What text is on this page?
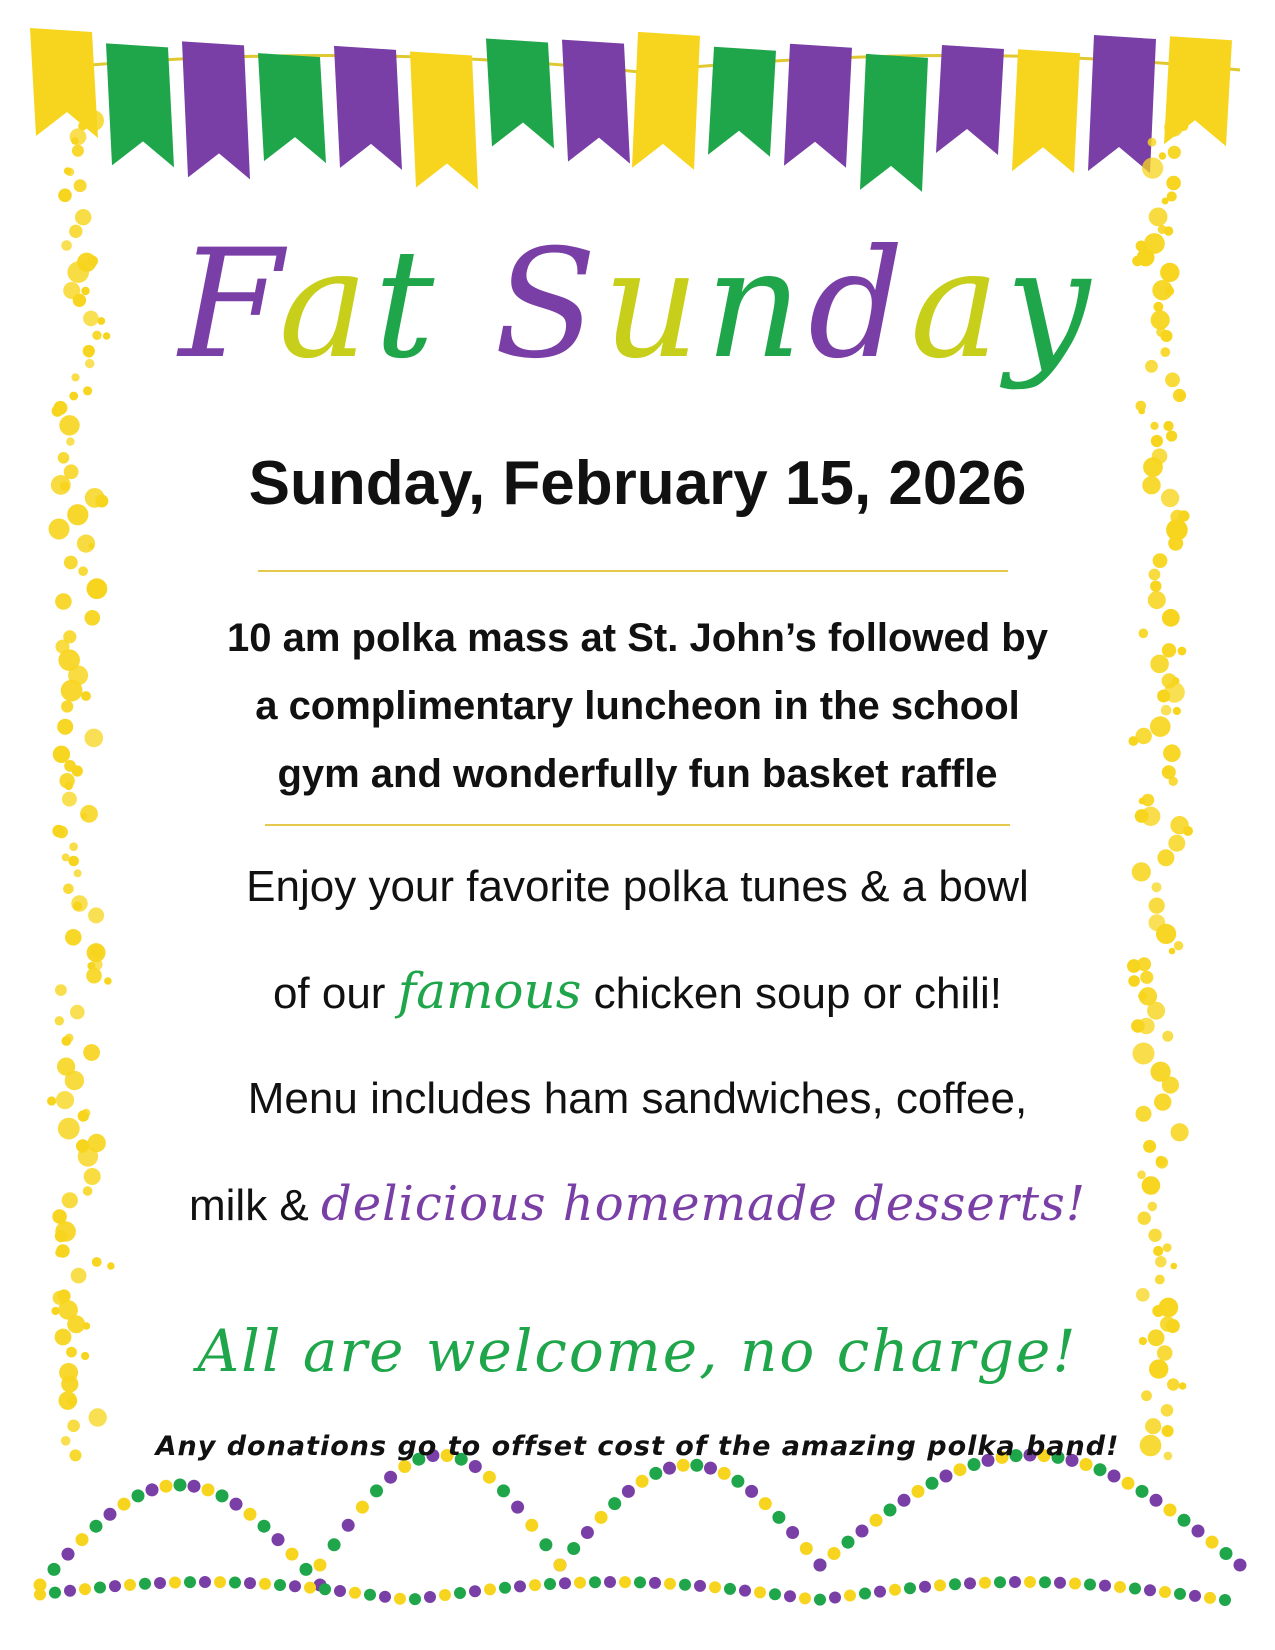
Fat Sunday
Sunday, February 15, 2026
10 am polka mass at St. John’s followed by
a complimentary luncheon in the school
gym and wonderfully fun basket raffle
Enjoy your favorite polka tunes & a bowl
of our famous chicken soup or chili!
Menu includes ham sandwiches, coffee,
milk & delicious homemade desserts!
All are welcome, no charge!
Any donations go to offset cost of the amazing polka band!
